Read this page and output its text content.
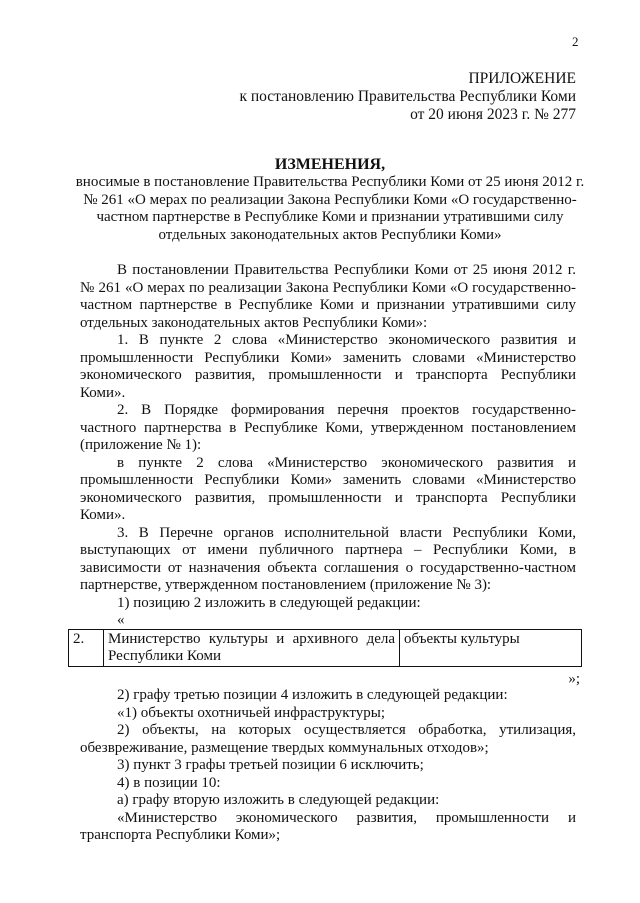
2
ПРИЛОЖЕНИЕ
к постановлению Правительства Республики Коми
от 20 июня 2023 г. № 277
ИЗМЕНЕНИЯ,
вносимые в постановление Правительства Республики Коми от 25 июня 2012 г. № 261 «О мерах по реализации Закона Республики Коми «О государственно-частном партнерстве в Республике Коми и признании утратившими силу отдельных законодательных актов Республики Коми»

В постановлении Правительства Республики Коми от 25 июня 2012 г. № 261 «О мерах по реализации Закона Республики Коми «О государственно-частном партнерстве в Республике Коми и признании утратившими силу отдельных законодательных актов Республики Коми»:

1. В пункте 2 слова «Министерство экономического развития и промышленности Республики Коми» заменить словами «Министерство экономического развития, промышленности и транспорта Республики Коми».

2. В Порядке формирования перечня проектов государственно-частного партнерства в Республике Коми, утвержденном постановлением (приложение № 1):

в пункте 2 слова «Министерство экономического развития и промышленности Республики Коми» заменить словами «Министерство экономического развития, промышленности и транспорта Республики Коми».

3. В Перечне органов исполнительной власти Республики Коми, выступающих от имени публичного партнера – Республики Коми, в зависимости от назначения объекта соглашения о государственно-частном партнерстве, утвержденном постановлением (приложение № 3):

1) позицию 2 изложить в следующей редакции:

«
2.	Министерство культуры и архивного дела Республики Коми	объекты культуры
»;

2) графу третью позиции 4 изложить в следующей редакции:

«1) объекты охотничьей инфраструктуры;

2) объекты, на которых осуществляется обработка, утилизация, обезвреживание, размещение твердых коммунальных отходов»;

3) пункт 3 графы третьей позиции 6 исключить;

4) в позиции 10:

а) графу вторую изложить в следующей редакции:

«Министерство экономического развития, промышленности и транспорта Республики Коми»;
